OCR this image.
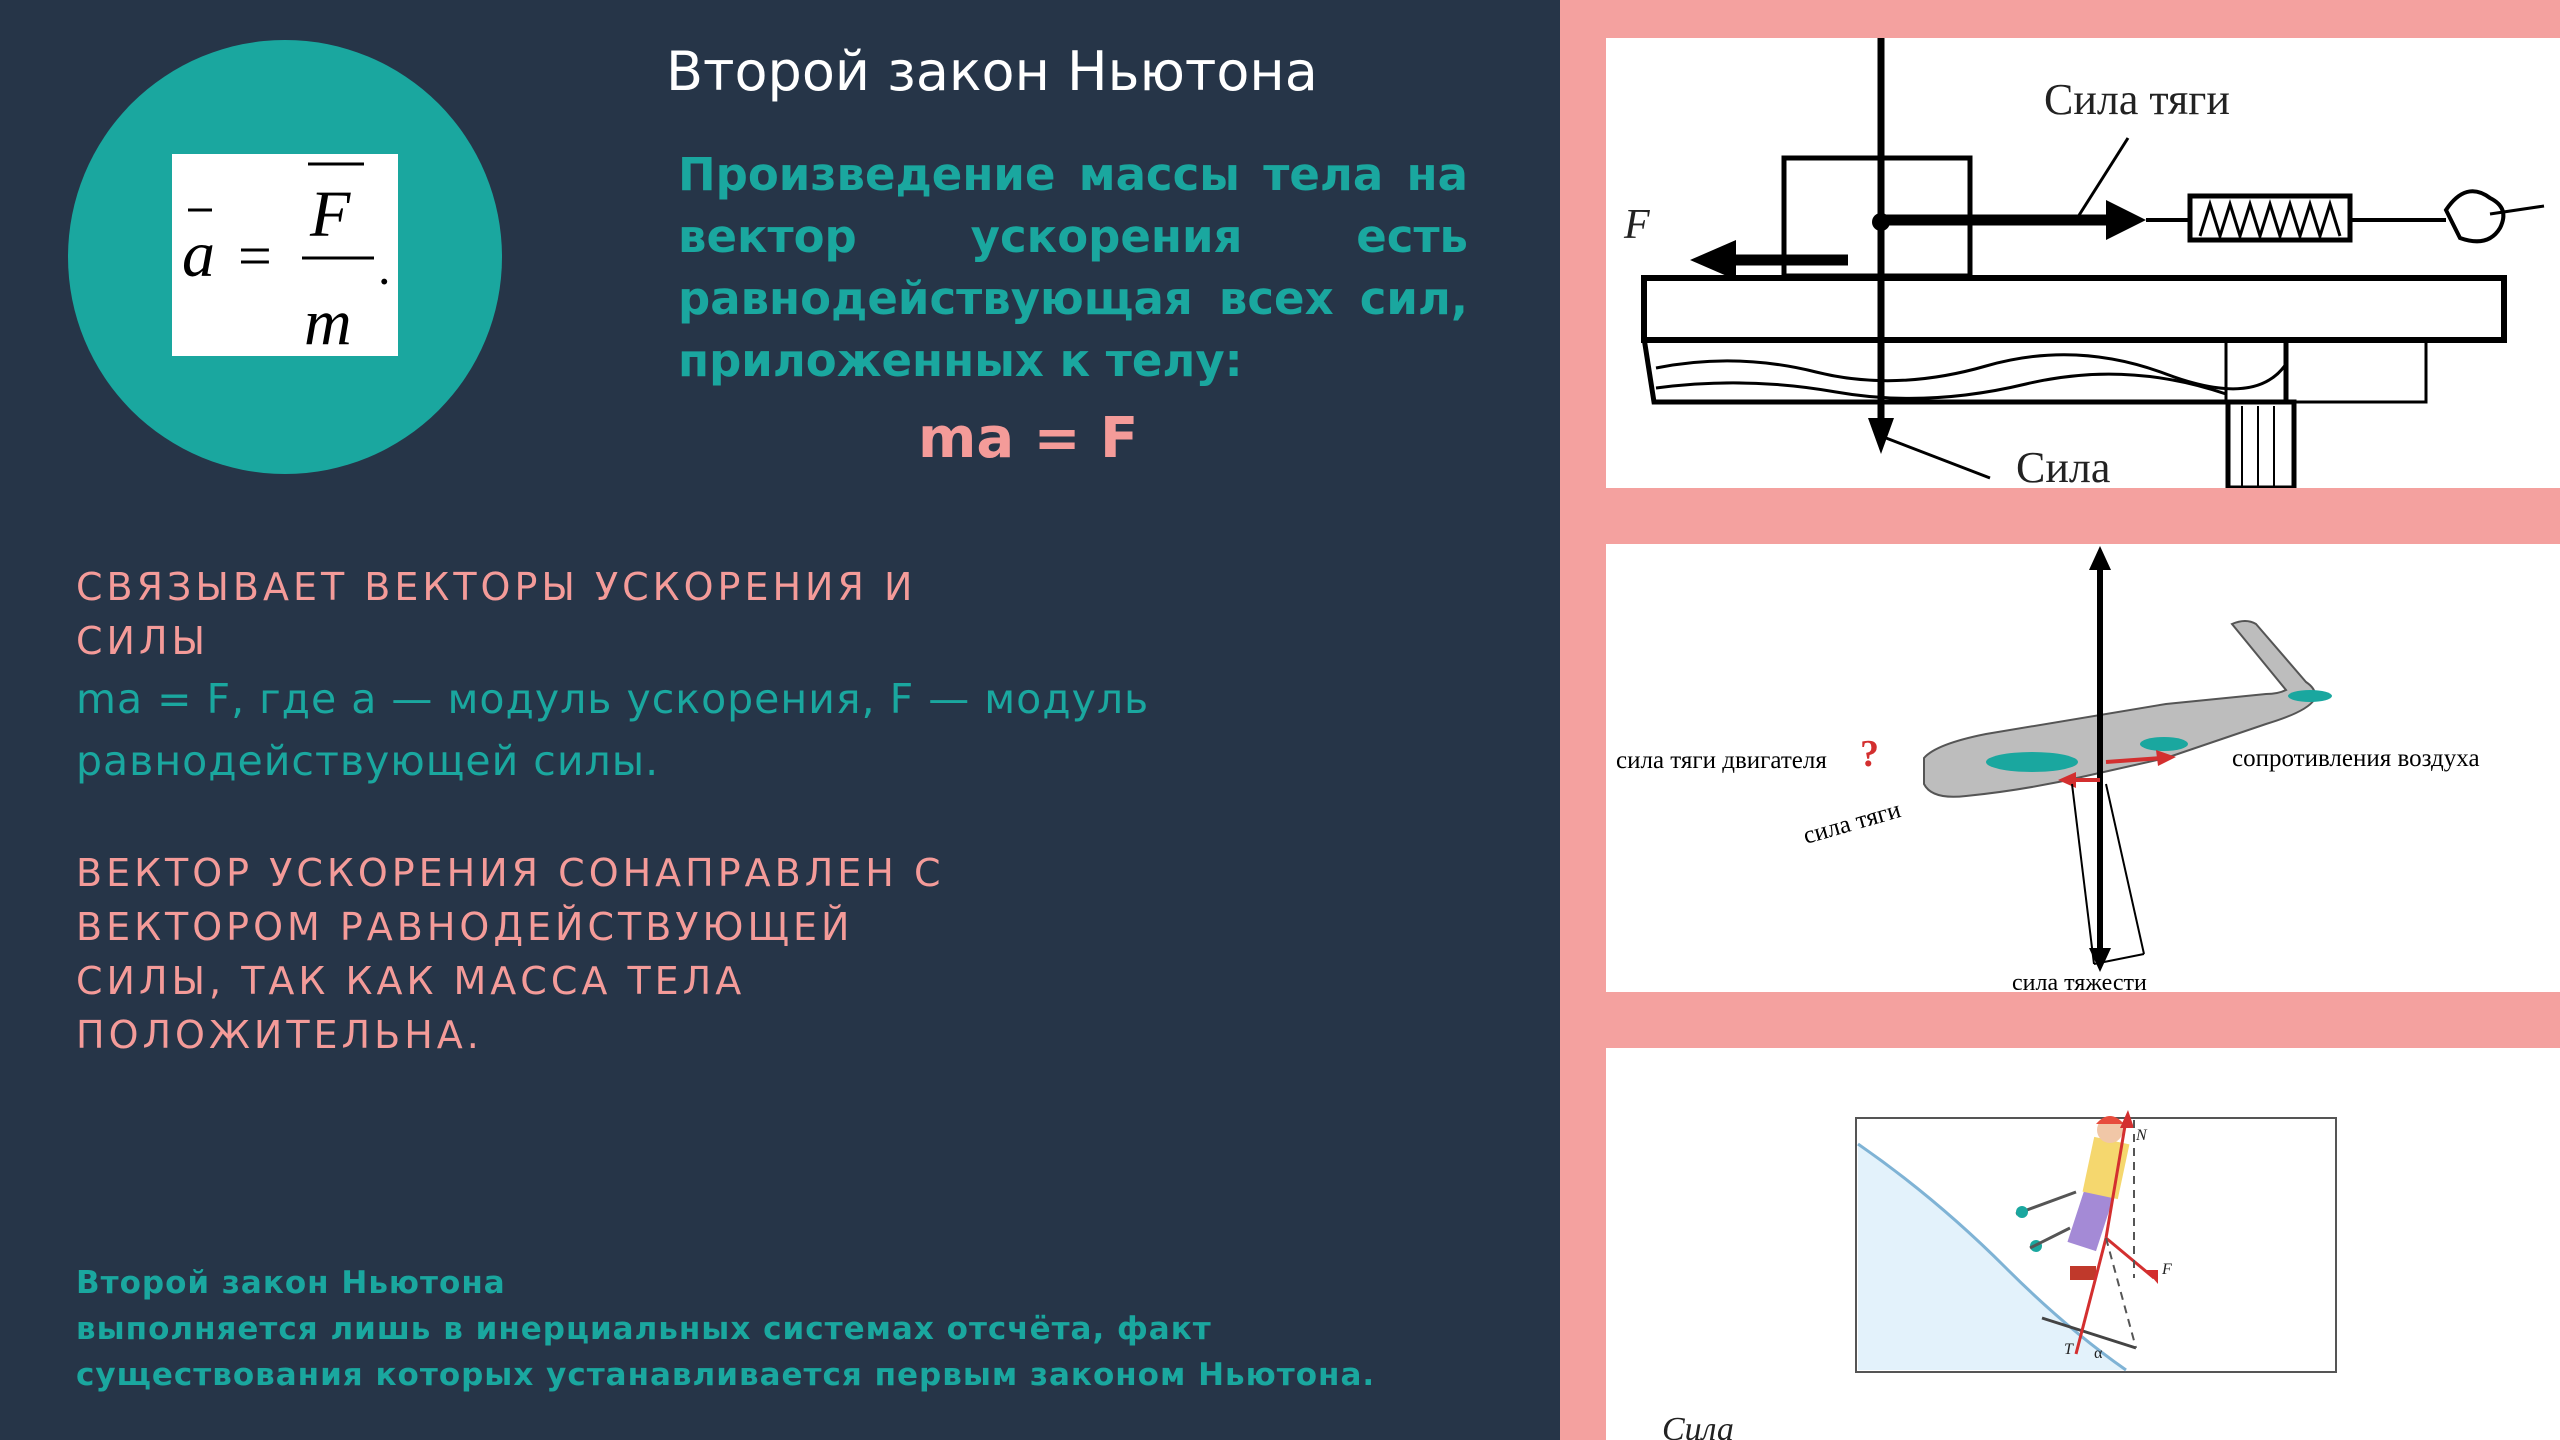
a =
F
m
.
Второй закон Ньютона
Произведение массы тела на вектор ускорения есть равнодействующая всех сил, приложенных к телу:
ma = F
СВЯЗЫВАЕТ ВЕКТОРЫ УСКОРЕНИЯ И СИЛЫ
ma = F, где a — модуль ускорения, F — модуль равнодействующей силы.
ВЕКТОР УСКОРЕНИЯ СОНАПРАВЛЕН С ВЕКТОРОМ РАВНОДЕЙСТВУЮЩЕЙ СИЛЫ, ТАК КАК МАССА ТЕЛА ПОЛОЖИТЕЛЬНА.
Второй закон Ньютона
выполняется лишь в инерциальных системах отсчёта, факт
существования которых устанавливается первым законом Ньютона.
Сила тяги
F
Сила
сила тяги двигателя ?	сопротивления воздуха
сила тяги
сила тяжести
N
F
T α
Сила
